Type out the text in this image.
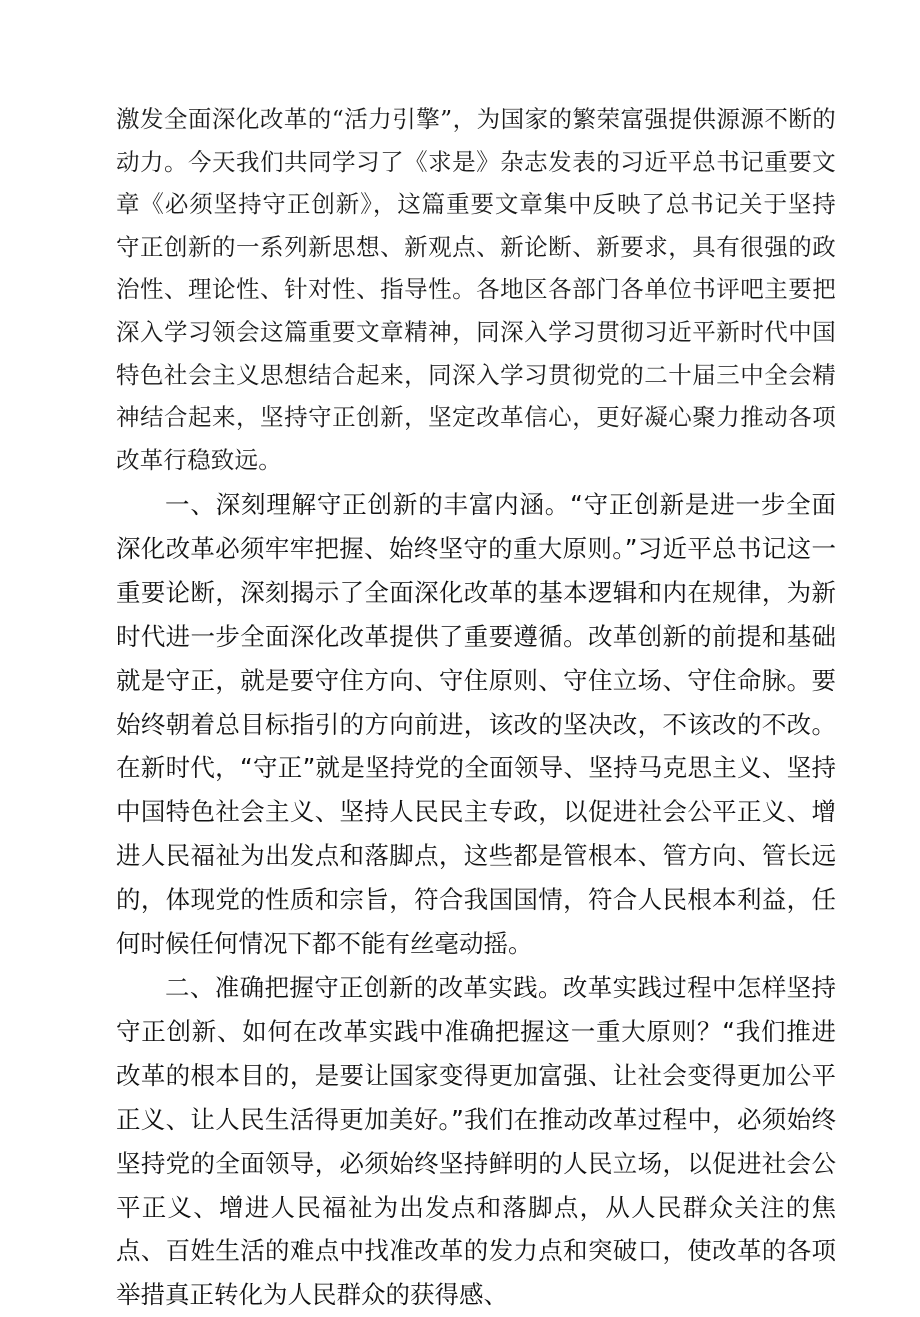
激发全面深化改革的“活力引擎”，为国家的繁荣富强提供源源不断的动力。今天我们共同学习了《求是》杂志发表的习近平总书记重要文章《必须坚持守正创新》，这篇重要文章集中反映了总书记关于坚持守正创新的一系列新思想、新观点、新论断、新要求，具有很强的政治性、理论性、针对性、指导性。各地区各部门各单位书评吧主要把深入学习领会这篇重要文章精神，同深入学习贯彻习近平新时代中国特色社会主义思想结合起来，同深入学习贯彻党的二十届三中全会精神结合起来，坚持守正创新，坚定改革信心，更好凝心聚力推动各项改革行稳致远。

一、深刻理解守正创新的丰富内涵。“守正创新是进一步全面深化改革必须牢牢把握、始终坚守的重大原则。”习近平总书记这一重要论断，深刻揭示了全面深化改革的基本逻辑和内在规律，为新时代进一步全面深化改革提供了重要遵循。改革创新的前提和基础就是守正，就是要守住方向、守住原则、守住立场、守住命脉。要始终朝着总目标指引的方向前进，该改的坚决改，不该改的不改。在新时代，“守正”就是坚持党的全面领导、坚持马克思主义、坚持中国特色社会主义、坚持人民民主专政，以促进社会公平正义、增进人民福祉为出发点和落脚点，这些都是管根本、管方向、管长远的，体现党的性质和宗旨，符合我国国情，符合人民根本利益，任何时候任何情况下都不能有丝毫动摇。

二、准确把握守正创新的改革实践。改革实践过程中怎样坚持守正创新、如何在改革实践中准确把握这一重大原则？“我们推进改革的根本目的，是要让国家变得更加富强、让社会变得更加公平正义、让人民生活得更加美好。”我们在推动改革过程中，必须始终坚持党的全面领导，必须始终坚持鲜明的人民立场，以促进社会公平正义、增进人民福祉为出发点和落脚点，从人民群众关注的焦点、百姓生活的难点中找准改革的发力点和突破口，使改革的各项举措真正转化为人民群众的获得感、
